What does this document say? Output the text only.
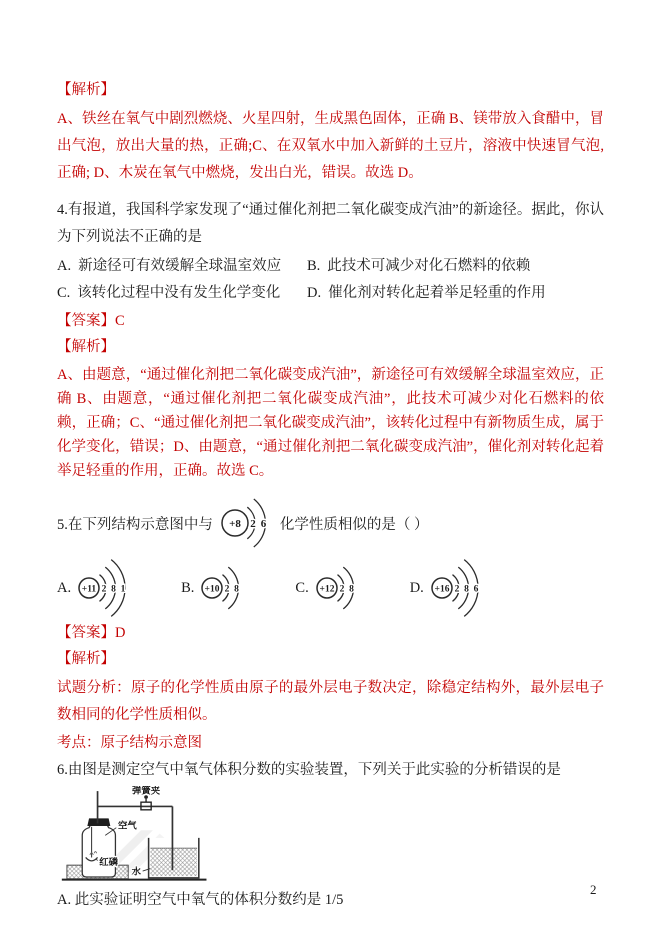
【解析】

A、铁丝在氧气中剧烈燃烧、火星四射，生成黑色固体，正确 B、镁带放入食醋中，冒出气泡，放出大量的热，正确;C、在双氧水中加入新鲜的土豆片，溶液中快速冒气泡,正确; D、木炭在氧气中燃烧，发出白光，错误。故选 D。

4.有报道，我国科学家发现了“通过催化剂把二氧化碳变成汽油”的新途径。据此，你认为下列说法不正确的是

A. 新途径可有效缓解全球温室效应	B. 此技术可减少对化石燃料的依赖
C. 该转化过程中没有发生化学变化	D. 催化剂对转化起着举足轻重的作用
【答案】C
【解析】

A、由题意，“通过催化剂把二氧化碳变成汽油”，新途径可有效缓解全球温室效应，正确 B、由题意，“通过催化剂把二氧化碳变成汽油”，此技术可减少对化石燃料的依赖，正确；C、“通过催化剂把二氧化碳变成汽油”，该转化过程中有新物质生成，属于化学变化，错误；D、由题意，“通过催化剂把二氧化碳变成汽油”，催化剂对转化起着举足轻重的作用，正确。故选 C。

5.在下列结构示意图中与 +8 2 6 化学性质相似的是（ ）
A. +11 2 8 1	B. +10 2 8	C. +12 2 8	D. +16 2 8 6
【答案】D
【解析】

试题分析：原子的化学性质由原子的最外层电子数决定，除稳定结构外，最外层电子数相同的化学性质相似。

考点：原子结构示意图

6.由图是测定空气中氧气体积分数的实验装置，下列关于此实验的分析错误的是

弹簧夹
空气
红磷
水
A. 此实验证明空气中氧气的体积分数约是 1/5
2
